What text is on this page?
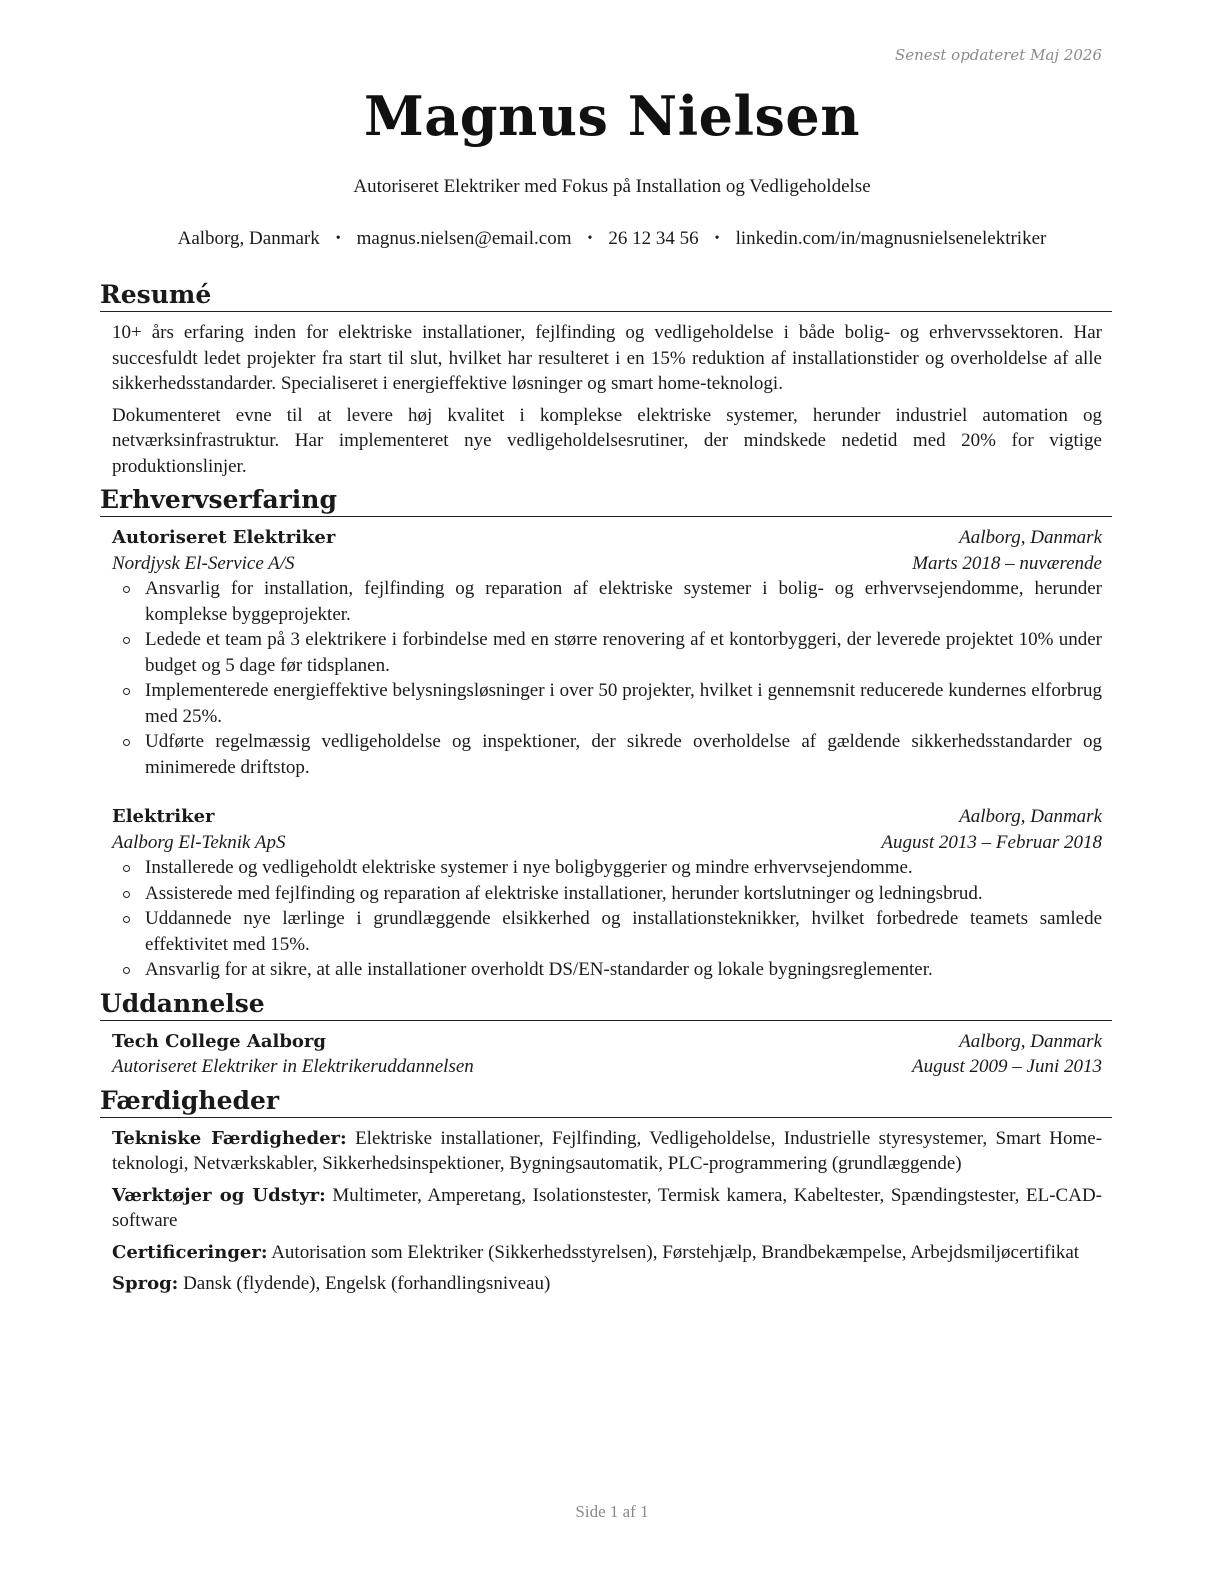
Senest opdateret Maj 2026
Magnus Nielsen
Autoriseret Elektriker med Fokus på Installation og Vedligeholdelse
Aalborg, Danmark • magnus.nielsen@email.com • 26 12 34 56 • linkedin.com/in/magnusnielsenelektriker
Resumé

10+ års erfaring inden for elektriske installationer, fejlfinding og vedligeholdelse i både bolig- og erhvervssektoren. Har succesfuldt ledet projekter fra start til slut, hvilket har resulteret i en 15% reduktion af installationstider og overholdelse af alle sikkerhedsstandarder. Specialiseret i energieffektive løsninger og smart home-teknologi.

Dokumenteret evne til at levere høj kvalitet i komplekse elektriske systemer, herunder industriel automation og netværksinfrastruktur. Har implementeret nye vedligeholdelsesrutiner, der mindskede nedetid med 20% for vigtige produktionslinjer.

Erhvervserfaring
Autoriseret Elektriker	Aalborg, Danmark
Nordjysk El-Service A/S	Marts 2018 – nuværende
Ansvarlig for installation, fejlfinding og reparation af elektriske systemer i bolig- og erhvervsejendomme, herunder komplekse byggeprojekter.
Ledede et team på 3 elektrikere i forbindelse med en større renovering af et kontorbyggeri, der leverede projektet 10% under budget og 5 dage før tidsplanen.
Implementerede energieffektive belysningsløsninger i over 50 projekter, hvilket i gennemsnit reducerede kundernes elforbrug med 25%.
Udførte regelmæssig vedligeholdelse og inspektioner, der sikrede overholdelse af gældende sikkerhedsstandarder og minimerede driftstop.
Elektriker	Aalborg, Danmark
Aalborg El-Teknik ApS	August 2013 – Februar 2018
Installerede og vedligeholdt elektriske systemer i nye boligbyggerier og mindre erhvervsejendomme.
Assisterede med fejlfinding og reparation af elektriske installationer, herunder kortslutninger og ledningsbrud.
Uddannede nye lærlinge i grundlæggende elsikkerhed og installationsteknikker, hvilket forbedrede teamets samlede effektivitet med 15%.
Ansvarlig for at sikre, at alle installationer overholdt DS/EN-standarder og lokale bygningsreglementer.
Uddannelse
Tech College Aalborg	Aalborg, Danmark
Autoriseret Elektriker in Elektrikeruddannelsen	August 2009 – Juni 2013
Færdigheder

Tekniske Færdigheder: Elektriske installationer, Fejlfinding, Vedligeholdelse, Industrielle styresystemer, Smart Home-teknologi, Netværkskabler, Sikkerhedsinspektioner, Bygningsautomatik, PLC-programmering (grundlæggende)

Værktøjer og Udstyr: Multimeter, Amperetang, Isolationstester, Termisk kamera, Kabeltester, Spændingstester, EL-CAD-software

Certificeringer: Autorisation som Elektriker (Sikkerhedsstyrelsen), Førstehjælp, Brandbekæmpelse, Arbejdsmiljøcertifikat

Sprog: Dansk (flydende), Engelsk (forhandlingsniveau)

Side 1 af 1
